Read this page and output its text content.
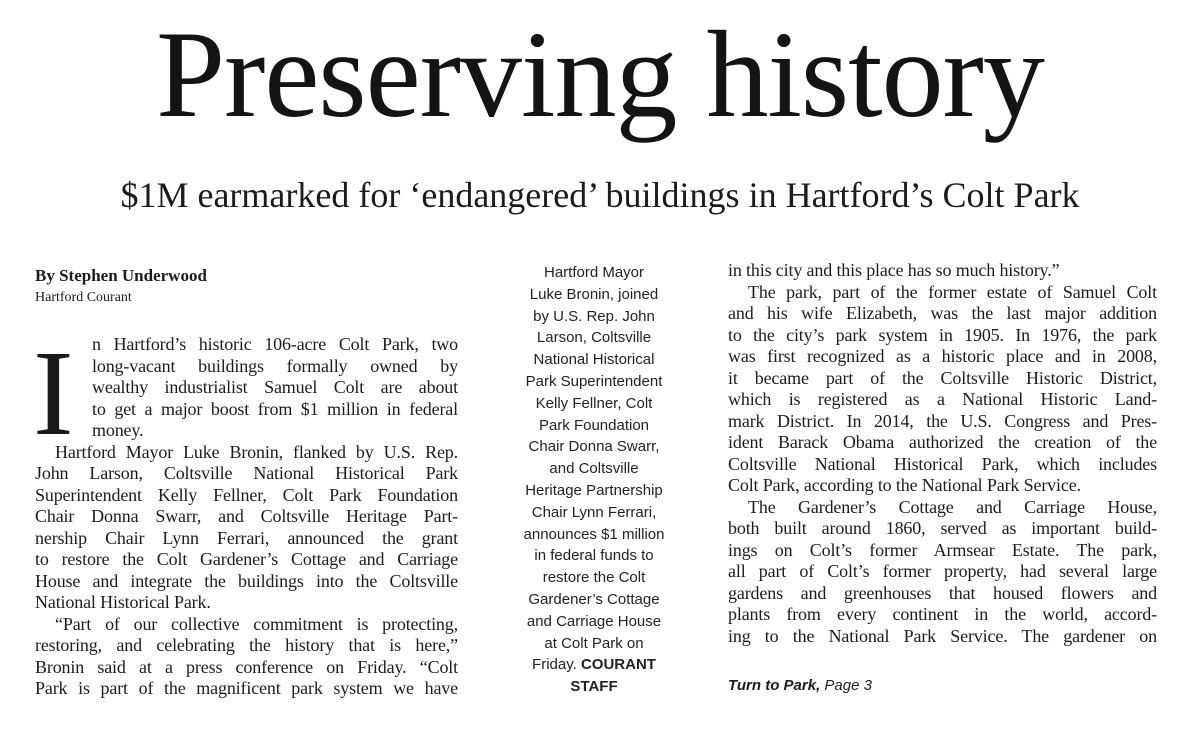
Preserving history
$1M earmarked for ‘endangered’ buildings in Hartford’s Colt Park
By Stephen Underwood
Hartford Courant
I	n Hartford’s historic 106-acre Colt Park, two
long-vacant buildings formally owned by
wealthy industrialist Samuel Colt are about
to get a major boost from $1 million in federal
money.
Hartford Mayor Luke Bronin, flanked by U.S. Rep.
John Larson, Coltsville National Historical Park
Superintendent Kelly Fellner, Colt Park Foundation
Chair Donna Swarr, and Coltsville Heritage Part-
nership Chair Lynn Ferrari, announced the grant
to restore the Colt Gardener’s Cottage and Carriage
House and integrate the buildings into the Coltsville
National Historical Park.
“Part of our collective commitment is protecting,
restoring, and celebrating the history that is here,”
Bronin said at a press conference on Friday. “Colt
Park is part of the magnificent park system we have
Hartford Mayor
Luke Bronin, joined
by U.S. Rep. John
Larson, Coltsville
National Historical
Park Superintendent
Kelly Fellner, Colt
Park Foundation
Chair Donna Swarr,
and Coltsville
Heritage Partnership
Chair Lynn Ferrari,
announces $1 million
in federal funds to
restore the Colt
Gardener’s Cottage
and Carriage House
at Colt Park on
Friday. COURANT
STAFF
in this city and this place has so much history.”
The park, part of the former estate of Samuel Colt
and his wife Elizabeth, was the last major addition
to the city’s park system in 1905. In 1976, the park
was first recognized as a historic place and in 2008,
it became part of the Coltsville Historic District,
which is registered as a National Historic Land-
mark District. In 2014, the U.S. Congress and Pres-
ident Barack Obama authorized the creation of the
Coltsville National Historical Park, which includes
Colt Park, according to the National Park Service.
The Gardener’s Cottage and Carriage House,
both built around 1860, served as important build-
ings on Colt’s former Armsear Estate. The park,
all part of Colt’s former property, had several large
gardens and greenhouses that housed flowers and
plants from every continent in the world, accord-
ing to the National Park Service. The gardener on
Turn to Park, Page 3
